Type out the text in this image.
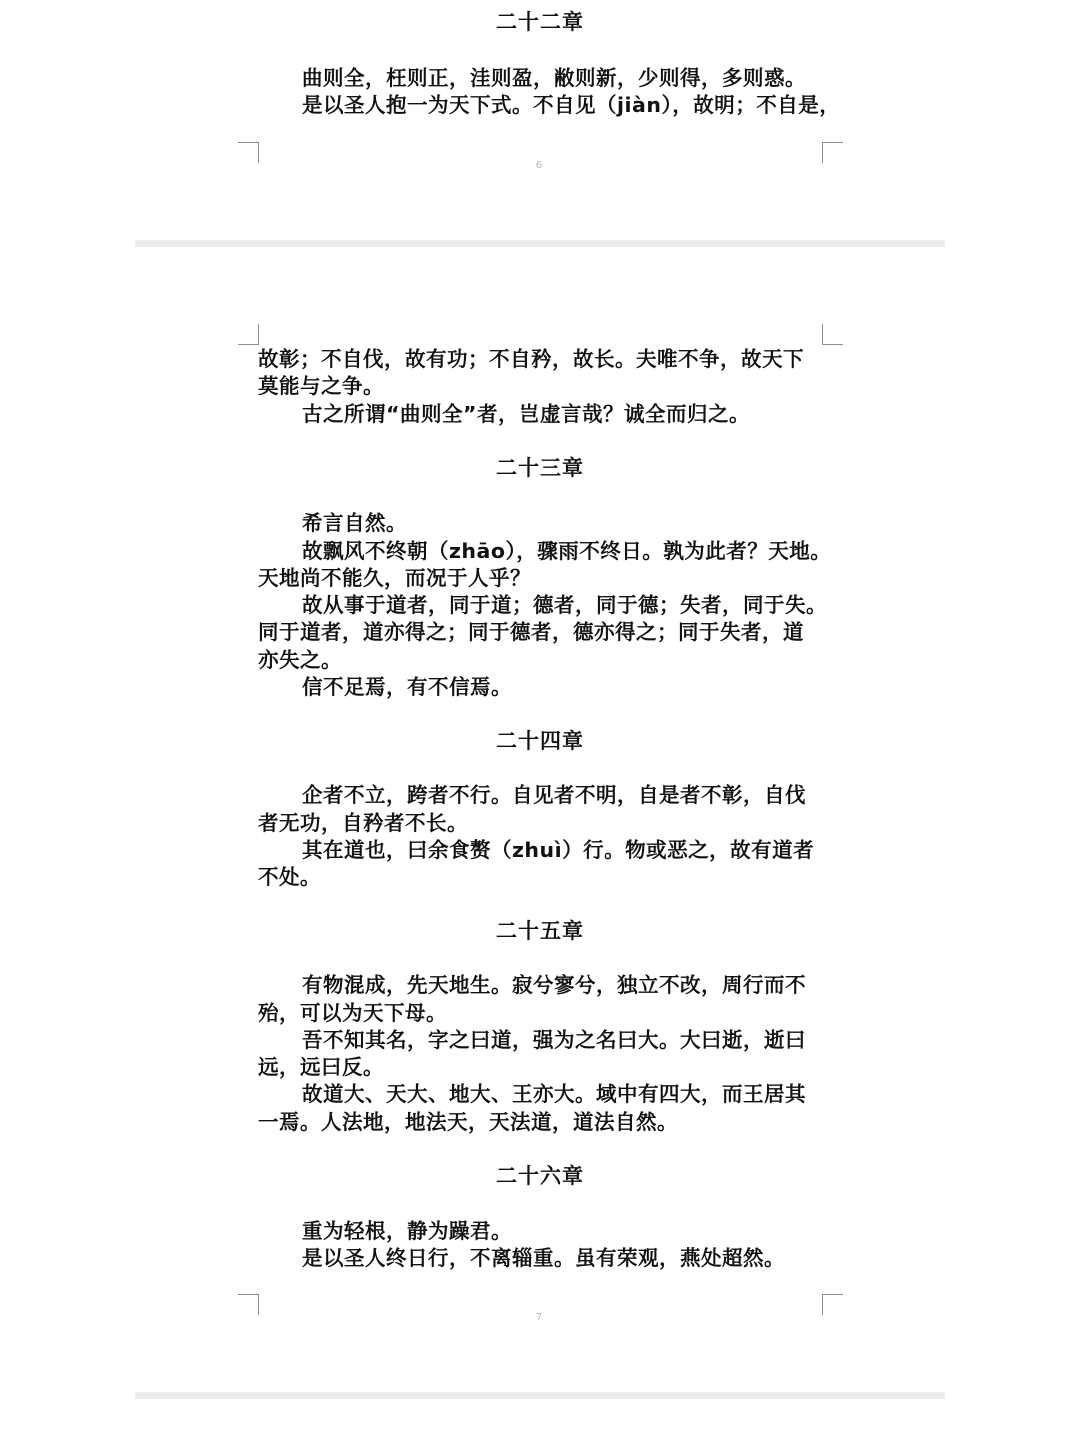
二十二章
曲则全，枉则正，洼则盈，敝则新，少则得，多则惑。
是以圣人抱一为天下式。不自见（jiàn），故明；不自是，
6
故彰；不自伐，故有功；不自矜，故长。夫唯不争，故天下
莫能与之争。
古之所谓“曲则全”者，岂虚言哉？诚全而归之。
二十三章
希言自然。
故飘风不终朝（zhāo），骤雨不终日。孰为此者？天地。
天地尚不能久，而况于人乎？
故从事于道者，同于道；德者，同于德；失者，同于失。
同于道者，道亦得之；同于德者，德亦得之；同于失者，道
亦失之。
信不足焉，有不信焉。
二十四章
企者不立，跨者不行。自见者不明，自是者不彰，自伐
者无功，自矜者不长。
其在道也，曰余食赘（zhuì）行。物或恶之，故有道者
不处。
二十五章
有物混成，先天地生。寂兮寥兮，独立不改，周行而不
殆，可以为天下母。
吾不知其名，字之曰道，强为之名曰大。大曰逝，逝曰
远，远曰反。
故道大、天大、地大、王亦大。域中有四大，而王居其
一焉。人法地，地法天，天法道，道法自然。
二十六章
重为轻根，静为躁君。
是以圣人终日行，不离辎重。虽有荣观，燕处超然。
7
